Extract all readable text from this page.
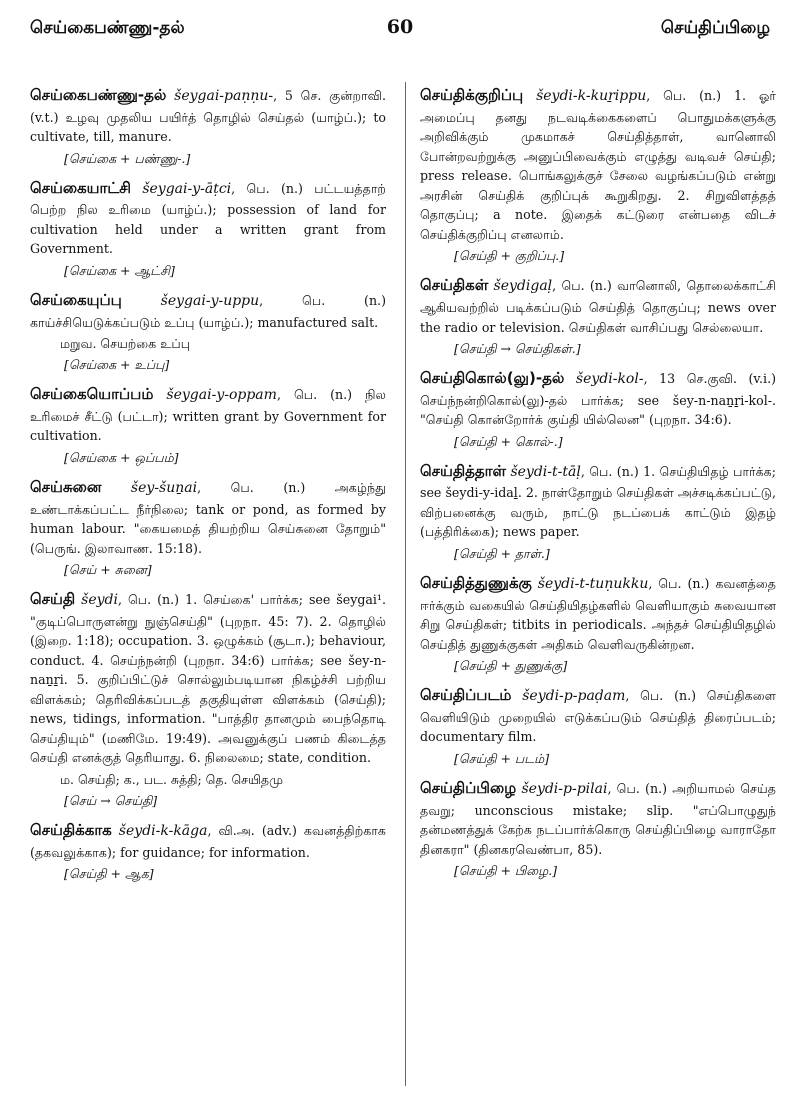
செய்கைபண்ணு-தல்	60	செய்திப்பிழை
செய்கைபண்ணு-தல் šeygai-paṇṇu-, 5 செ. குன்றாவி. (v.t.) உழவு முதலிய பயிர்த் தொழில் செய்தல் (யாழ்ப்.); to cultivate, till, manure.
[செய்கை + பண்ணு-.]
செய்கையாட்சி šeygai-y-āṭci, பெ. (n.) பட்டயத்தாற் பெற்ற நில உரிமை (யாழ்ப்.); possession of land for cultivation held under a written grant from Government.
[செய்கை + ஆட்சி]
செய்கையுப்பு	šeygai-y-uppu, பெ. (n.) காய்ச்சியெடுக்கப்படும் உப்பு (யாழ்ப்.); manufactured salt.
மறுவ. செயற்கை உப்பு
[செய்கை + உப்பு]
செய்கையொப்பம் šeygai-y-oppam, பெ. (n.) நில உரிமைச் சீட்டு (பட்டா); written grant by Government for cultivation.
[செய்கை + ஒப்பம்]
செய்சுனை šey-šuṉai, பெ. (n.) அகழ்ந்து உண்டாக்கப்பட்ட நீர்நிலை; tank or pond, as formed by human labour. "கையமைத் தியற்றிய செய்சுனை தோறும்" (பெருங். இலாவாண. 15:18).
[செய் + சுனை]
செய்தி šeydi, பெ. (n.) 1. செய்கை' பார்க்க; see šeygai¹. "குடிப்பொருளன்று நுஞ்செய்தி" (புறநா. 45: 7). 2. தொழில் (இறை. 1:18); occupation. 3. ஒழுக்கம் (சூடா.); behaviour, conduct. 4. செய்ந்நன்றி (புறநா. 34:6) பார்க்க; see šey-n-naṉṟi. 5. குறிப்பிட்டுச் சொல்லும்படியான நிகழ்ச்சி பற்றிய விளக்கம்; தெரிவிக்கப்படத் தகுதியுள்ள விளக்கம் (செய்தி); news, tidings, information. "பாத்திர தானமும் பைந்தொடி செய்தியும்" (மணிமே. 19:49). அவனுக்குப் பணம் கிடைத்த செய்தி எனக்குத் தெரியாது. 6. நிலைமை; state, condition.
ம. செய்தி; க., பட. சுத்தி; தெ. செயிதமு
[செய் → செய்தி]
செய்திக்காக šeydi-k-kāga, வி.அ. (adv.) கவனத்திற்காக (தகவலுக்காக); for guidance; for information.
[செய்தி + ஆக]
செய்திக்குறிப்பு šeydi-k-kuṟippu, பெ. (n.) 1. ஓர் அமைப்பு தனது நடவடிக்கைகளைப் பொதுமக்களுக்கு அறிவிக்கும் முகமாகச் செய்தித்தாள், வானொலி போன்றவற்றுக்கு அனுப்பிவைக்கும் எழுத்து வடிவச் செய்தி; press release. பொங்கலுக்குச் சேலை வழங்கப்படும் என்று அரசின் செய்திக் குறிப்புக் கூறுகிறது. 2. சிறுவிளத்தத் தொகுப்பு; a note. இதைக் கட்டுரை என்பதை விடச் செய்திக்குறிப்பு எனலாம்.
[செய்தி + குறிப்பு.]
செய்திகள் šeydigaḷ, பெ. (n.) வானொலி, தொலைக்காட்சி ஆகியவற்றில் படிக்கப்படும் செய்தித் தொகுப்பு; news over the radio or television. செய்திகள் வாசிப்பது செல்லையா.
[செய்தி → செய்திகள்.]
செய்திகொல்(லு)-தல் šeydi-kol-, 13 செ.குவி. (v.i.) செய்ந்நன்றிகொல்(லு)-தல் பார்க்க; see šey-n-naṉṟi-kol-. "செய்தி கொன்றோர்க் குய்தி யில்லென" (புறநா. 34:6).
[செய்தி + கொல்-.]
செய்தித்தாள் šeydi-t-tāḷ, பெ. (n.) 1. செய்தியிதழ் பார்க்க; see šeydi-y-idaḻ. 2. நாள்தோறும் செய்திகள் அச்சடிக்கப்பட்டு, விற்பனைக்கு வரும், நாட்டு நடப்பைக் காட்டும் இதழ் (பத்திரிக்கை); news paper.
[செய்தி + தாள்.]
செய்தித்துணுக்கு šeydi-t-tuṇukku, பெ. (n.) கவனத்தை ஈர்க்கும் வகையில் செய்தியிதழ்களில் வெளியாகும் சுவையான சிறு செய்திகள்; titbits in periodicals. அந்தச் செய்தியிதழில் செய்தித் துணுக்குகள் அதிகம் வெளிவருகின்றன.
[செய்தி + துணுக்கு]
செய்திப்படம் šeydi-p-paḍam, பெ. (n.) செய்திகளை வெளியிடும் முறையில் எடுக்கப்படும் செய்தித் திரைப்படம்; documentary film.
[செய்தி + படம்]
செய்திப்பிழை šeydi-p-pilai, பெ. (n.) அறியாமல் செய்த தவறு; unconscious mistake; slip. "எப்பொழுதுந் தன்மணத்துக் கேற்க நடப்பார்க்கொரு செய்திப்பிழை வாராதோ தினகரா" (தினகரவெண்பா, 85).
[செய்தி + பிழை.]
